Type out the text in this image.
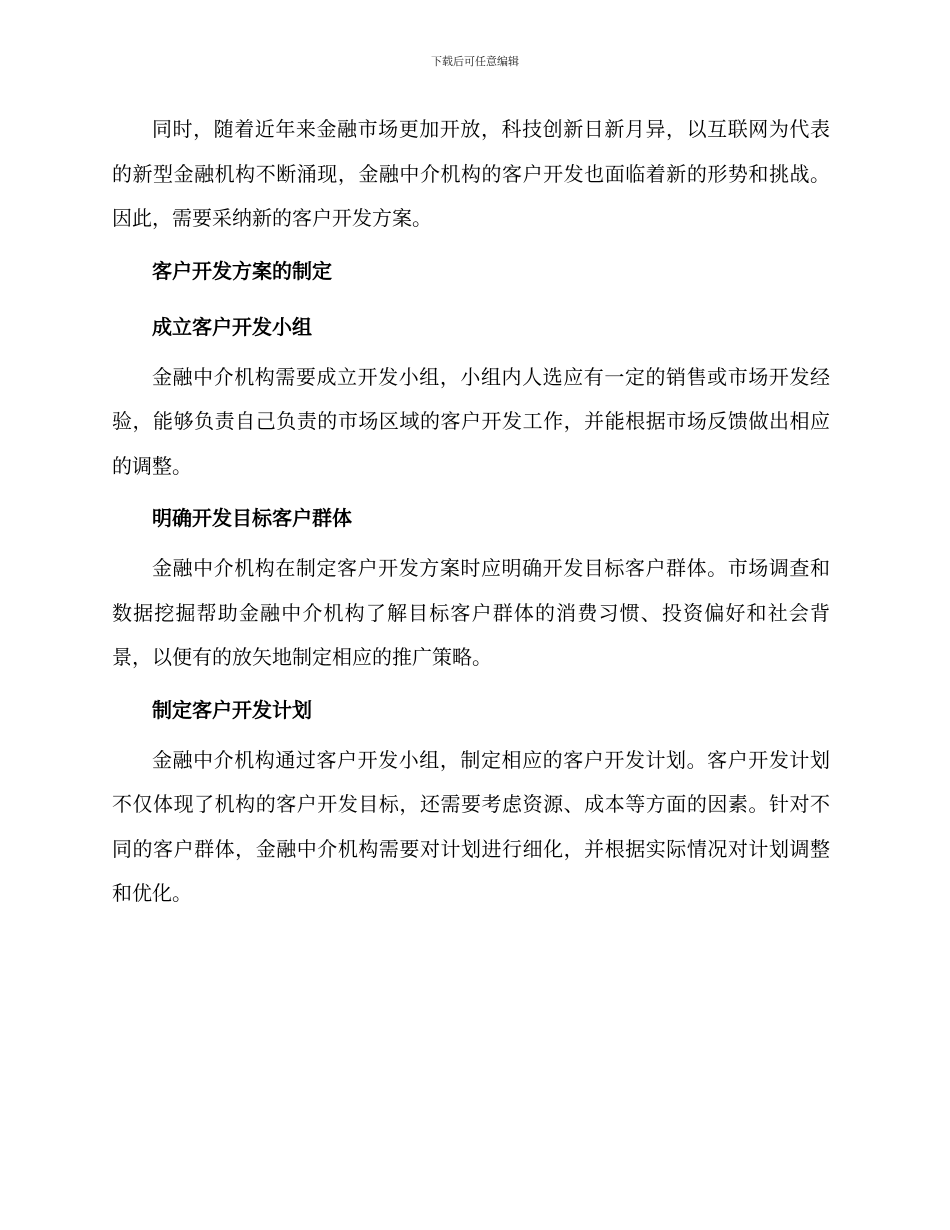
下载后可任意编辑

同时，随着近年来金融市场更加开放，科技创新日新月异，以互联网为代表的新型金融机构不断涌现，金融中介机构的客户开发也面临着新的形势和挑战。因此，需要采纳新的客户开发方案。

客户开发方案的制定
成立客户开发小组

金融中介机构需要成立开发小组，小组内人选应有一定的销售或市场开发经验，能够负责自己负责的市场区域的客户开发工作，并能根据市场反馈做出相应的调整。

明确开发目标客户群体

金融中介机构在制定客户开发方案时应明确开发目标客户群体。市场调查和数据挖掘帮助金融中介机构了解目标客户群体的消费习惯、投资偏好和社会背景，以便有的放矢地制定相应的推广策略。

制定客户开发计划

金融中介机构通过客户开发小组，制定相应的客户开发计划。客户开发计划不仅体现了机构的客户开发目标，还需要考虑资源、成本等方面的因素。针对不同的客户群体，金融中介机构需要对计划进行细化，并根据实际情况对计划调整和优化。
